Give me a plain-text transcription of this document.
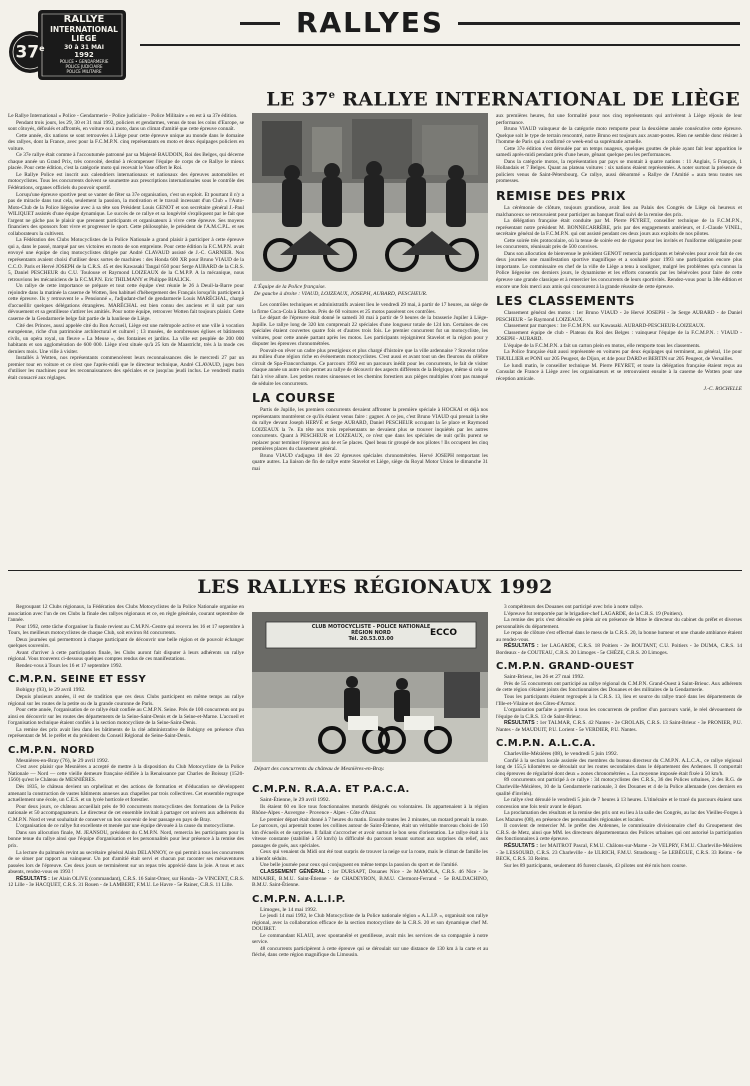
37e
RALLYE
INTERNATIONAL
LIÈGE
30 à 31 MAI
1992
POLICE • GENDARMERIE
POLICE JUDICIAIRE
POLICE MILITAIRE
RALLYES
LE 37e RALLYE INTERNATIONAL DE LIÈGE

Le Rallye International « Police - Gendarmerie - Police judiciaire - Police Militaire » en est à sa 37e édition.

Pendant trois jours, les 29, 30 et 31 mai 1992, policiers et gendarmes, venus de tous les coins d'Europe, se sont côtoyés, défoulés et affrontés, en voiture ou à moto, dans un climat d'amitié que cette épreuve connaît.

Cette année, dix nations se sont retrouvées à Liège pour cette épreuve unique au monde dans le domaine des rallyes, dont la France, avec pour la F.C.M.P.N. cinq représentants en moto et deux équipages policiers en voiture.

Ce 37e rallye était comme à l'accoutumée patronné par sa Majesté BAUDOIN, Roi des Belges, qui décerne chaque année un Grand Prix, très convoité, destiné à récompenser l'équipe de corps de ce Rallye le mieux placée. Pour cette édition, c'est la catégorie moto qui recevait le Vase offert le Roi.

Le Rallye Police est inscrit aux calendriers internationaux et nationaux des épreuves automobiles et motocyclistes. Tous les concurrents doivent se soumettre aux prescriptions internationales sous le contrôle des Fédérations, organes officiels du pouvoir sportif.

Lorsqu'une épreuve sportive peut se vanter de fêter sa 37e organisation, c'est un exploit. Et pourtant il n'y a pas de miracle dans tout cela, seulement la passion, la motivation et le travail incessant d'un Club « l'Auto-Moto-Club de la Police liégeoise avec à sa tête son Président Louis GENOT et son secrétaire général J.-Paul WILIQUET assistés d'une équipe dynamique. Le succès de ce rallye et sa longévité s'expliquent par le fait que l'argent ne gâche pas le plaisir que prennent participants et organisateurs à vivre cette épreuve. Ses moyens financiers des sponsors font vivre et progresser le sport. Cette philosophie, le président de l'A.M.C.P.L. et ses collaborateurs la cultivent.

La Fédération des Clubs Motocyclistes de la Police Nationale a grand plaisir à participer à cette épreuve qui a, dans le passé, marqué par ses victoires en moto de son empreinte. Pour cette édition la F.C.M.P.N. avait envoyé une équipe de cinq motocyclistes dirigée par André CLAVAUD assisté de J.-C. GARNIER. Nos représentants avaient choisi d'utiliser deux sortes de machines : des Honda 600 XR pour Bruno VIAUD de la C.C.O. Paris et Hervé JOSEPH de la C.R.S. 45 et des Kawasaki Tangal 650 pour Serge AUBARD de la C.R.S. 5, Daniel PESCHEUR du C.U. Toulouse et Raymond LOIZEAUX de la C.M.P.P. A la mécanique, nous retrouvions les mécaniciens de la F.C.M.P.N. Eric THILMANY et Philippe BIALICK.

Un rallye de cette importance se prépare et tout cette équipe s'est réunie le 26 à Deuil-la-Barre pour rejoindre dans la matinée la caserne de Wotten, lieu habituel d'hébergement des Français lorsqu'ils participent à cette épreuve. Ils y retrouvent le « Pensionné », l'adjudant-chef de gendarmerie Louis MARÉCHAL, chargé d'accueillir quelques délégations étrangères. MARÉCHAL est bien connu des anciens et il sait par son dévouement et sa gentillesse s'attirer les amitiés. Pour notre équipe, retrouver Wotten fait toujours plaisir. Cette caserne de la Gendarmerie belge fait partie de la banlieue de Liège.

Cité des Princes, aussi appelée cité du Bon Accueil, Liège est une métropole active et une ville à vocation européenne, riche d'un patrimoine architectural et culturel ; 13 musées, de nombreuses églises et bâtiments civils, un opéra royal, un fleuve « La Meuse », des fontaines et jardins. La ville est peuplée de 200 000 habitants et son agglomération de 600 000. Liège n'est située qu'à 25 km de Maastricht, très à la mode ces derniers mois. Une ville à visiter.

Installés à Wotten, nos représentants commencèrent leurs reconnaissances dès le mercredi 27 par un premier tour en voiture et ce n'est que l'après-midi que le directeur technique, André CLAVAUD, juges bon d'utiliser les machines pour les reconnaissances des spéciales et ce jusqu'au jeudi inclus. Le vendredi matin était consacré aux réglages.

L'Équipe de la Police française.
De gauche à droite : VIAUD, LOIZEAUX, JOSEPH, AUBARD, PESCHEUR.

Les contrôles techniques et administratifs avaient lieu le vendredi 29 mai, à partir de 17 heures, au siège de la firme Coca-Cola à Barchon. Près de 60 voitures et 25 motos passèrent ces contrôles.

Le départ de l'épreuve était donné le samedi 30 mai à partir de 9 heures de la brasserie Jupiler à Liège-Jupille. Le rallye long de 320 km comprenait 22 spéciales d'une longueur totale de 124 km. Certaines de ces spéciales étaient couvertes quatre fois et d'autres trois fois. Le premier concurrent fut un motocycliste, les voitures, pour cette année partant après les motos. Les participants rejoignirent Stavelot et la région pour y disputer les épreuves chronométrées.

Pouvait-on rêver un cadre plus prestigieux et plus chargé d'histoire que la ville ardennaise ? Stavelot trône au milieu d'une région riche en événements motocyclistes. C'est aussi et avant tout un des fleurons du célèbre circuit de Spa-Francorchamps. Ce parcours 1992 est un parcours inédit pour les concurrents, le fait de visiter chaque année un autre coin permet au rallye de découvrir des aspects différents de la Belgique, même si cela se fait à vive allure. Les petites routes sinueuses et les chemins forestiers aux pièges multiples n'ont pas manqué de séduire les concurrents.

LA COURSE

Partis de Jupille, les premiers concurrents devaient affronter la première spéciale à HOCKAI et déjà nos représentants montrèrent ce qu'ils étaient venus faire : gagner. A ce jeu, c'est Bruno VIAUD qui prenait la tête du rallye devant Joseph HERVÉ et Serge AUBARD, Daniel PESCHEUR occupant la 5e place et Raymond LOIZEAUX la 7e. En tête nos trois représentants ne devaient plus se trouver inquiétés par les autres concurrents. Quant à PESCHEUR et LOIZEAUX, ce n'est que dans les spéciales de nuit qu'ils purent se replacer pour terminer l'épreuve aux 4e et 5e places. Quel beau tir groupé de nos pilotes ! Ils occupent les cinq premières places du classement général.

Bruno VIAUD s'adjugea 18 des 22 épreuves spéciales chronométrées. Hervé JOSEPH remportant les quatre autres. La liaison de fin de rallye entre Stavelot et Liège, siège du Royal Motor Union le dimanche 31 mai

aux premières heures, fut une formalité pour nos cinq représentants qui arrivèrent à Liège réjouis de leur performance.

Bruno VIAUD vainqueur de la catégorie moto remporte pour la deuxième année consécutive cette épreuve. Quelque soit le type de terrain rencontré, notre Bruno est toujours aux avant-postes. Rien ne semble donc résister à l'homme de Paris qui a confirmé ce week-end sa suprématie actuelle.

Cette 37e édition s'est déroulée par un temps nuageux, quelques gouttes de pluie ayant fait leur apparition le samedi après-midi pendant près d'une heure, gênant quelque peu les performances.

Dans la catégorie motos, la représentation par pays se montait à quatre nations : 11 Anglais, 5 Français, 1 Hollandais et 7 Belges. Quant au plateau voitures : six nations étaient représentées. A noter surtout la présence de policiers venus de Saint-Pétersbourg. Ce rallye, aussi dénommé « Rallye de l'Amitié » aura tenu toutes ses promesses.

REMISE DES PRIX

La cérémonie de clôture, toujours grandiose, avait lieu au Palais des Congrès de Liège où heureux et malchanceux se retrouvaient pour participer au banquet final suivi de la remise des prix.

La délégation française était conduite par M. Pierre PEYRET, conseiller technique de la F.C.M.P.N., représentant notre président M. BONNECARRÈRE, pris par des engagements antérieurs, et J.-Claude VINEL, secrétaire général de la F.C.M.P.N. qui ont assisté pendant ces deux jours aux exploits de nos pilotes.

Cette soirée très protocolaire, où la tenue de soirée est de rigueur pour les invités et l'uniforme obligatoire pour les concurrents, réunissait près de 500 convives.

Dans son allocution de bienvenue le président GENOT remercia participants et bénévoles pour avoir fait de ces deux journées une manifestation sportive magnifique et a souhaité pour 1993 une participation encore plus importante. Le commissaire en chef de la ville de Liège a tenu à souligner, malgré les problèmes qu'a connus la Police liégeoise ces derniers jours, le dynamisme et les efforts consentis par les bénévoles pour faire de cette épreuve une grande classique et à remercier les concurrents de leurs sportivités. Rendez-vous pour la 38e édition et encore une fois merci aux amis qui concourent à la grande réussite de cette épreuve.

LES CLASSEMENTS

Classement général des motos : 1er Bruno VIAUD - 2e Hervé JOSEPH - 3e Serge AUBARD - 4e Daniel PESCHEUR - 5e Raymond LOIZEAUX.

Classement par marques : 1re F.C.M.P.N. sur Kawasaki. AUBARD-PESCHEUR-LOIZEAUX.

Classement équipe de club - Plateau du Roi des Belges : vainqueur l'équipe de la F.C.M.P.N. : VIAUD - JOSEPH - AUBARD.

L'équipe de la F.C.M.P.N. a fait un carton plein en motos, elle remporte tous les classements.

La Police française était aussi représentée en voitures par deux équipages qui terminent, au général, 11e pour THUILLIER et PONI sur 205 Peugeot, de Dijon, et 44e pour DARD et BERTIN sur 205 Peugeot, de Versailles.

Le lundi matin, le conseiller technique M. Pierre PEYRET, et toute la délégation française étaient reçus au Consulat de France à Liège avec les organisateurs et se retrouvaient ensuite à la caserne de Wotten pour une réception amicale.

J.-C. ROCHELLE
LES RALLYES RÉGIONAUX 1992

Regroupant 12 Clubs régionaux, la Fédération des Clubs Motocyclistes de la Police Nationale organise en association avec l'un de ces Clubs la finale des rallyes régionaux et ce, en règle générale, courant septembre de l'année.

Pour 1992, cette tâche d'organiser la finale revient au C.M.P.N.-Centre qui recevra les 16 et 17 septembre à Tours, les meilleurs motocyclistes de chaque Club, soit environ 84 concurrents.

Deux journées qui permettront à chaque participant de découvrir une belle région et de pouvoir échanger quelques souvenirs.

Avant d'arriver à cette participation finale, les Clubs auront fait disputer à leurs adhérents un rallye régional. Vous trouverez ci-dessous quelques comptes rendus de ces manifestations.

Rendez-vous à Tours les 16 et 17 septembre 1992.

C.M.P.N. SEINE ET ESSY

Bobigny (93), le 29 avril 1992.

Depuis plusieurs années, il est de tradition que ces deux Clubs participent en même temps au rallye régional sur les routes de la petite ou de la grande couronne de Paris.

Pour cette année, l'organisation de ce rallye était confiée au C.M.P.N. Seine. Près de 100 concurrents ont pu ainsi en découvrir sur les routes des départements de la Seine-Saint-Denis et de la Seine-et-Marne. L'accueil et l'organisation technique étaient confiés à la section motocycliste de la Seine-Saint-Denis.

La remise des prix avait lieu dans les bâtiments de la cité administrative de Bobigny en présence d'un représentant de M. le préfet et du président du Conseil Régional de Seine-Saint-Denis.

C.M.P.N. NORD

Mesnières-en-Bray (76), le 29 avril 1992.

C'est avec plaisir que Mesnières a accepté de mettre à la disposition du Club Motocycliste de la Police Nationale — Nord — cette vieille demeure française édifiée à la Renaissance par Charles de Boissay (1520-1560) qu'est le Château de MESNIÈRES.

Dès 1835, le château devient un orphelinat et des actions de formation et d'éducation se développent amenant la construction de vastes bâtiments annexes aux chapelles par trois collectives. Cet ensemble regroupe actuellement une école, un C.E.S. et un lycée horticole et forestier.

Pour deux jours, ce château accueillait près de 90 concurrents motocyclistes des formations de la Police nationale et 50 accompagnateurs. Le directeur de cet ensemble invitait à partager cet univers aux adhérents du C.M.P.N. Nord et veut souhaitait de conserver un bon souvenir de leur passage en pays de Bray.

L'organisation de ce rallye fut excellente et menée par une équipe dévouée à la cause du motocyclisme.

Dans son allocution finale, M. JEANSOU, président du C.M.P.N. Nord, remercia les participants pour la bonne tenue du rallye ainsi que l'équipe d'organisation et les personnalités pour leur présence à la remise des prix.

La lecture du palmarès revint au secrétaire général Alain DELANNOY, ce qui permit à tous les concurrents de se situer par rapport au vainqueur. Un pot d'amitié était servi et chacun put raconter ses mésaventures passées lors de l'épreuve. Ces deux jours se terminèrent sur un repas très apprécié dans la joie. A tous et aux absents, rendez-vous en 1993 !

RÉSULTATS : 1er Alain OLIVE (commandant), C.R.S. 16 Saint-Omer, sur Honda - 2e VINCENT, C.R.S. 12 Lille - 3e HACQUET, C.R.S. 31 Rouen - 4e LAMBERT, F.M.U. Le Havre - 5e Rainer, C.R.S. 11 Lille.

CLUB MOTOCYCLISTE - POLICE NATIONALE
RÉGION NORD
Tél. 20.53.03.00
ECCO
Départ des concurrents du château de Mesnières-en-Bray.
C.M.P.N. R.A.A. ET P.A.C.A.

Saint-Étienne, le 29 avril 1992.

Ils étaient 60 en lice tous fonctionnaires motards désignés ou volontaires. Ils appartenaient à la région Rhône-Alpes - Auvergne - Provence - Alpes - Côte d'Azur.

Le premier départ était donné à 7 heures du matin. Ensuite toutes les 2 minutes, un motard prenait la route. Le parcours, qui arpentait toutes les collines autour de Saint-Étienne, était un véritable morceau choisi de 150 km d'écueils et de surprises. Il fallait s'accrocher et avoir surtout le bon sens d'orientation. Le rallye était à la vitesse constante (stabilité à 50 km/h) la difficulté du parcours tenant surtout aux surprises du relief, aux passages de gués, aux spéciales.

Ceux qui venaient du Midi ont été tout surpris de trouver la neige sur la route, mais le climat de famille les a bientôt séduits.

Une belle journée pour ceux qui conjuguent en même temps la passion du sport et de l'amitié.

CLASSEMENT GÉNÉRAL : 1er DURSAPT, Douanes Nice - 2e MAMOLA, C.R.S. 46 Nice - 3e MINAIRE, B.M.U. Saint-Étienne - 4e CHADEYRON, B.M.U. Clermont-Ferrand - 5e BALDACHINO, B.M.U. Saint-Étienne.

C.M.P.N. A.L.I.P.

Limoges, le 14 mai 1992.

Le jeudi 14 mai 1992, le Club Motocycliste de la Police nationale région « A.L.I.P. », organisait son rallye régional, avec la collaboration efficace de la section motocycliste de la C.R.S. 20 et son dynamique chef M. DOUIRET.

Le commandant KLAUI, avec spontanéité et gentillesse, avait mis les services de sa compagnie à notre service.

48 concurrents participèrent à cette épreuve qui se déroulait sur une distance de 130 km à la carte et au fléché, dans cette région magnifique du Limousin.

3 compétiteurs des Douanes ont participé avec brio à notre rallye.

L'épreuve fut remportée par le brigadier-chef LAGARDE, de la C.R.S. 19 (Poitiers).

La remise des prix s'est déroulée en plein air en présence de Mme le directeur du cabinet du préfet et diverses personnalités du département.

Le repas de clôture s'est effectué dans le mess de la C.R.S. 20, la bonne humeur et une chaude ambiance étaient au rendez-vous.

RÉSULTATS : 1er LAGARDE, C.R.S. 18 Poitiers - 2e BOUTANT, C.U. Poitiers - 3e DUMA, C.R.S. 14 Bordeaux - 4e COUTEAU, C.R.S. 20 Limoges - 5e CHÉZE, C.R.S. 20 Limoges.

C.M.P.N. GRAND-OUEST

Saint-Brieuc, les 26 et 27 mai 1992.

Près de 55 concurrents ont participé au rallye régional du C.M.P.N. Grand-Ouest à Saint-Brieuc. Aux adhérents de cette région s'étaient joints des fonctionnaires des Douanes et des militaires de la Gendarmerie.

Tous les participants étaient regroupés à la C.R.S. 13, lieu et source du rallye tracé dans les départements de l'Ille-et-Vilaine et des Côtes-d'Armor.

L'organisation parfaite a permis à tous les concurrents de profiter d'un parcours varié, le réel dévouement de l'équipe de la C.R.S. 13 de Saint-Brieuc.

RÉSULTATS : 1er TALMAR, C.R.S. 42 Nantes - 2e CROLAIS, C.R.S. 13 Saint-Brieuc - 3e PRONIER, P.U. Nantes - 4e MAUDUIT, P.U. Lorient - 5e VERDIER, P.U. Nantes.

C.M.P.N. A.L.C.A.

Charleville-Mézières (08), le vendredi 5 juin 1992.

Confié à la section locale assistée des membres du bureau directeur du C.M.P.N. A.L.C.A., ce rallye régional long de 155,5 kilomètres se déroulait sur les routes secondaires dans le département des Ardennes. Il comportait cinq épreuves de régularité dont deux « zones chronométrées ». La moyenne imposée était fixée à 50 km/h.

89 concurrents ont participé à ce rallye : 34 motocyclistes des C.R.S., 36 des Polices urbaines, 2 des R.G. de Charleville-Mézières, 10 de la Gendarmerie nationale, 3 des Douanes et 4 de la Police allemande (ces derniers en qualité d'invités).

Le rallye s'est déroulé le vendredi 5 juin de 7 heures à 13 heures. L'itinéraire et le tracé du parcours étaient sans concession une fois tenir avant le départ.

La proclamation des résultats et la remise des prix ont eu lieu à la salle des Congrès, au lac des Vieilles-Forges à Les Mazures (08), en présence des personnalités régionales et locales.

Il convient de remercier M. le préfet des Ardennes, le commissaire divisionnaire chef du Groupement des C.R.S. de Metz, ainsi que MM. les directeurs départementaux des Polices urbaines qui ont autorisé la participation des fonctionnaires à cette épreuve.

RÉSULTATS : 1er MAITROT Pascal, F.M.U. Châlons-sur-Marne - 2e VELPRY, F.M.U. Charleville-Mézières - 3e LESSOURD, C.R.S. 23 Charleville - 4e ULRICH, F.M.U. Strasbourg - 5e LEBÈGUE, C.R.S. 33 Reims - 6e BECK, C.R.S. 33 Reims.

Sur les 89 participants, seulement 46 furent classés, 43 pilotes ont été mis hors course.
